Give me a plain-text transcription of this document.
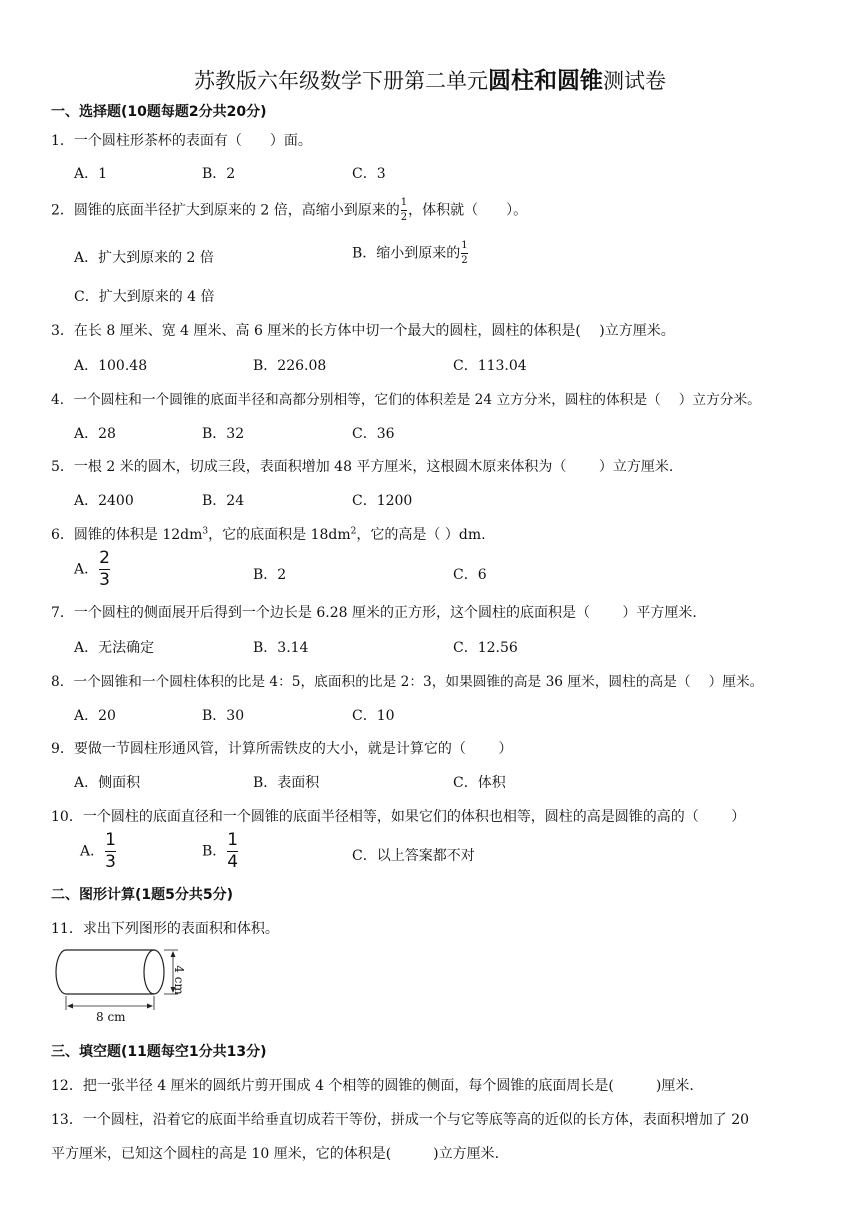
苏教版六年级数学下册第二单元圆柱和圆锥测试卷
一、选择题(10题每题2分共20分)
1．一个圆柱形茶杯的表面有（　　）面。
A．1	B．2	C．3
2．圆锥的底面半径扩大到原来的 2 倍，高缩小到原来的 $\frac{1}{2}$ ，体积就（　　）。
A．扩大到原来的 2 倍	B．缩小到原来的 $\frac{1}{2}$
C．扩大到原来的 4 倍
3．在长 8 厘米、宽 4 厘米、高 6 厘米的长方体中切一个最大的圆柱，圆柱的体积是(　 )立方厘米。
A．100.48	B．226.08	C．113.04
4．一个圆柱和一个圆锥的底面半径和高都分别相等，它们的体积差是 24 立方分米，圆柱的体积是（　 ）立方分米。
A．28	B．32	C．36
5．一根 2 米的圆木，切成三段，表面积增加 48 平方厘米，这根圆木原来体积为（　　 ）立方厘米.
A．2400	B．24	C．1200
6．圆锥的体积是 $12dm^3$，它的底面积是 $18dm^2$，它的高是（ ）dm.
A． $\frac{2}{3}$	B．2	C．6
7．一个圆柱的侧面展开后得到一个边长是 6.28 厘米的正方形，这个圆柱的底面积是（　　 ）平方厘米.
A．无法确定	B．3.14	C．12.56
8．一个圆锥和一个圆柱体积的比是 4：5，底面积的比是 2：3，如果圆锥的高是 36 厘米，圆柱的高是（　 ）厘米。
A．20	B．30	C．10
9．要做一节圆柱形通风管，计算所需铁皮的大小，就是计算它的（　　 ）
A．侧面积	B．表面积	C．体积
10．一个圆柱的底面直径和一个圆锥的底面半径相等，如果它们的体积也相等，圆柱的高是圆锥的高的（　　 ）
A． $\frac{1}{3}$	B． $\frac{1}{4}$	C．以上答案都不对
二、图形计算(1题5分共5分)
11．求出下列图形的表面积和体积。
8 cm
4 cm
三、填空题(11题每空1分共13分)
12．把一张半径 4 厘米的圆纸片剪开围成 4 个相等的圆锥的侧面，每个圆锥的底面周长是(　　　)厘米.
13．一个圆柱，沿着它的底面半给垂直切成若干等份，拼成一个与它等底等高的近似的长方体，表面积增加了 20
平方厘米，已知这个圆柱的高是 10 厘米，它的体积是(　　　)立方厘米.
